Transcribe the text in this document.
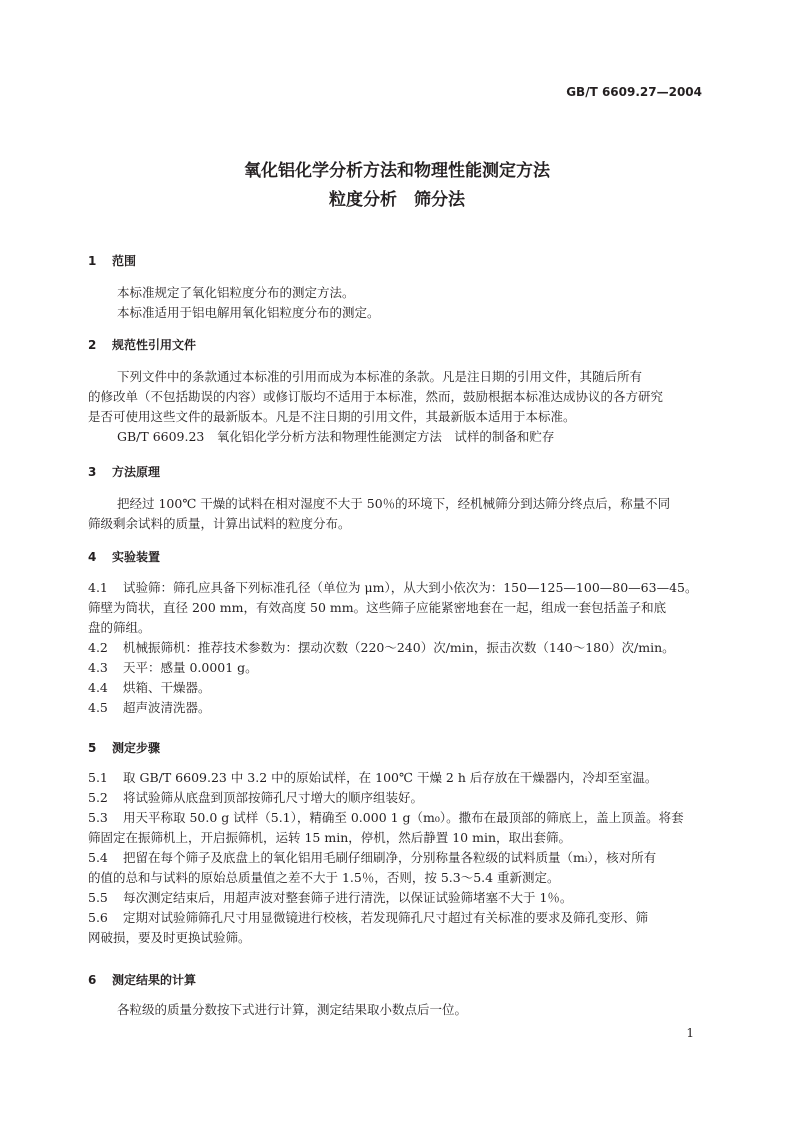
GB/T 6609.27—2004
氧化铝化学分析方法和物理性能测定方法
粒度分析　筛分法
1 范围
本标准规定了氧化铝粒度分布的测定方法。
本标准适用于铝电解用氧化铝粒度分布的测定。
2 规范性引用文件
下列文件中的条款通过本标准的引用而成为本标准的条款。凡是注日期的引用文件，其随后所有
的修改单（不包括勘误的内容）或修订版均不适用于本标准，然而，鼓励根据本标准达成协议的各方研究
是否可使用这些文件的最新版本。凡是不注日期的引用文件，其最新版本适用于本标准。
GB/T 6609.23　氧化铝化学分析方法和物理性能测定方法　试样的制备和贮存
3 方法原理
把经过 100℃ 干燥的试料在相对湿度不大于 50％的环境下，经机械筛分到达筛分终点后，称量不同
筛级剩余试料的质量，计算出试料的粒度分布。
4 实验装置
4.1 试验筛：筛孔应具备下列标准孔径（单位为 μm），从大到小依次为：150—125—100—80—63—45。
筛壁为筒状，直径 200 mm，有效高度 50 mm。这些筛子应能紧密地套在一起，组成一套包括盖子和底
盘的筛组。
4.2 机械振筛机：推荐技术参数为：摆动次数（220～240）次/min，振击次数（140～180）次/min。
4.3 天平：感量 0.0001 g。
4.4 烘箱、干燥器。
4.5 超声波清洗器。
5 测定步骤
5.1 取 GB/T 6609.23 中 3.2 中的原始试样，在 100℃ 干燥 2 h 后存放在干燥器内，冷却至室温。
5.2 将试验筛从底盘到顶部按筛孔尺寸增大的顺序组装好。
5.3 用天平称取 50.0 g 试样（5.1），精确至 0.000 1 g（m₀）。撒布在最顶部的筛底上，盖上顶盖。将套
筛固定在振筛机上，开启振筛机，运转 15 min，停机，然后静置 10 min，取出套筛。
5.4 把留在每个筛子及底盘上的氧化铝用毛刷仔细刷净，分别称量各粒级的试料质量（mᵢ），核对所有
的值的总和与试料的原始总质量值之差不大于 1.5％，否则，按 5.3～5.4 重新测定。
5.5 每次测定结束后，用超声波对整套筛子进行清洗，以保证试验筛堵塞不大于 1％。
5.6 定期对试验筛筛孔尺寸用显微镜进行校核，若发现筛孔尺寸超过有关标准的要求及筛孔变形、筛
网破损，要及时更换试验筛。
6 测定结果的计算
各粒级的质量分数按下式进行计算，测定结果取小数点后一位。
1
